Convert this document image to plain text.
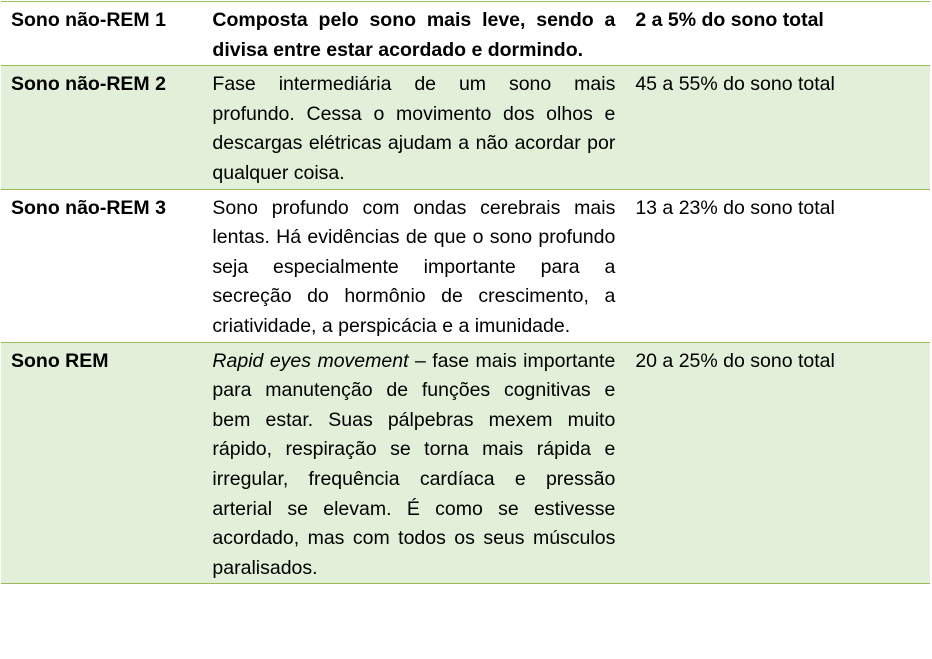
Sono não-REM 1	Composta pelo sono mais leve, sendo a divisa entre estar acordado e dormindo.	2 a 5% do sono total
Sono não-REM 2	Fase intermediária de um sono mais profundo. Cessa o movimento dos olhos e descargas elétricas ajudam a não acordar por qualquer coisa.	45 a 55% do sono total
Sono não-REM 3	Sono profundo com ondas cerebrais mais lentas. Há evidências de que o sono profundo seja especialmente importante para a secreção do hormônio de crescimento, a criatividade, a perspicácia e a imunidade.	13 a 23% do sono total
Sono REM	Rapid eyes movement – fase mais importante para manutenção de funções cognitivas e bem estar. Suas pálpebras mexem muito rápido, respiração se torna mais rápida e irregular, frequência cardíaca e pressão arterial se elevam. É como se estivesse acordado, mas com todos os seus músculos paralisados.	20 a 25% do sono total
